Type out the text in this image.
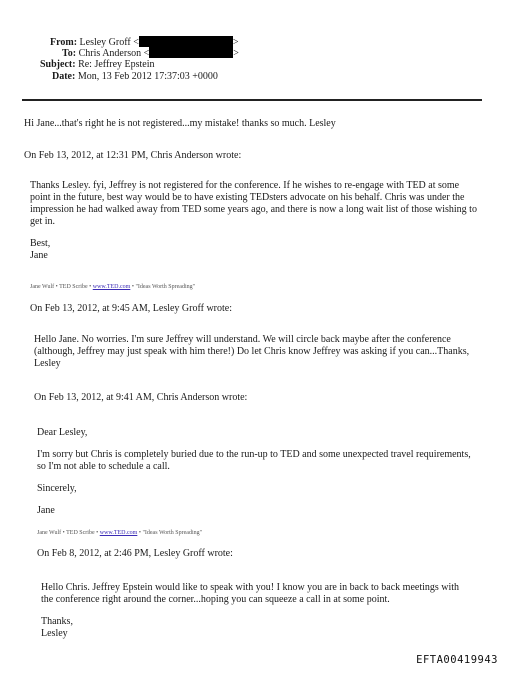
From: Lesley Groff <	>
To: Chris Anderson <	>
Subject: Re: Jeffrey Epstein
Date: Mon, 13 Feb 2012 17:37:03 +0000
Hi Jane...that's right he is not registered...my mistake! thanks so much. Lesley
On Feb 13, 2012, at 12:31 PM, Chris Anderson wrote:
Thanks Lesley. fyi, Jeffrey is not registered for the conference. If he wishes to re-engage with TED at some
point in the future, best way would be to have existing TEDsters advocate on his behalf. Chris was under the
impression he had walked away from TED some years ago, and there is now a long wait list of those wishing to
get in.
Best,
Jane
Jane Wulf • TED Scribe • www.TED.com • "Ideas Worth Spreading"
On Feb 13, 2012, at 9:45 AM, Lesley Groff wrote:
Hello Jane. No worries. I'm sure Jeffrey will understand. We will circle back maybe after the conference
(although, Jeffrey may just speak with him there!) Do let Chris know Jeffrey was asking if you can...Thanks,
Lesley
On Feb 13, 2012, at 9:41 AM, Chris Anderson wrote:
Dear Lesley,
I'm sorry but Chris is completely buried due to the run-up to TED and some unexpected travel requirements,
so I'm not able to schedule a call.
Sincerely,
Jane
Jane Wulf • TED Scribe • www.TED.com • "Ideas Worth Spreading"
On Feb 8, 2012, at 2:46 PM, Lesley Groff wrote:
Hello Chris. Jeffrey Epstein would like to speak with you! I know you are in back to back meetings with
the conference right around the corner...hoping you can squeeze a call in at some point.
Thanks,
Lesley
EFTA00419943
